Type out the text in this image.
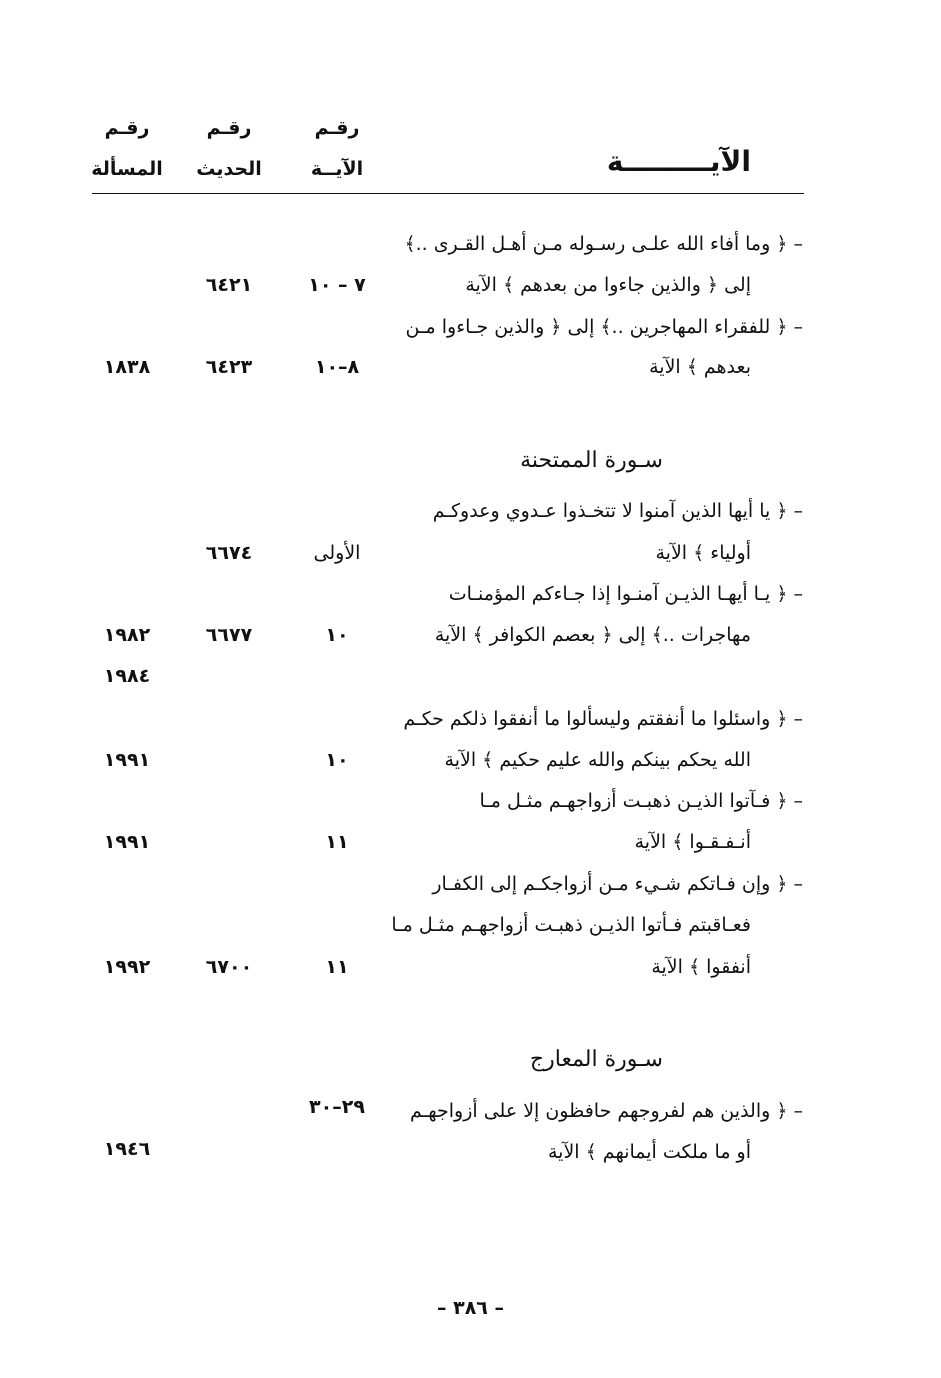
رقـم
رقـم
رقـم
الآيــة
الحديث
المسألة	الآيـــــــــة
– ﴿ وما أفاء الله علـى رسـوله مـن أهـل القـرى ..﴾
إلى ﴿ والذين جاءوا من بعدهم ﴾ الآية
٧ – ١٠
٦٤٢١
– ﴿ للفقراء المهاجرين ..﴾ إلى ﴿ والذين جـاءوا مـن
بعدهم ﴾ الآية
٨–١٠
٦٤٢٣
١٨٣٨
سـورة الممتحنة
– ﴿ يا أيها الذين آمنوا لا تتخـذوا عـدوي وعدوكـم
أولياء ﴾ الآية
الأولى
٦٦٧٤
– ﴿ يـا أيهـا الذيـن آمنـوا إذا جـاءكم المؤمنـات
مهاجرات ..﴾ إلى ﴿ بعصم الكوافر ﴾ الآية
١٠
٦٦٧٧
١٩٨٢
١٩٨٤
– ﴿ واسئلوا ما أنفقتم وليسألوا ما أنفقوا ذلكم حكـم
الله يحكم بينكم والله عليم حكيم ﴾ الآية
١٠
١٩٩١
– ﴿ فـآتوا الذيـن ذهبـت أزواجهـم مثـل مـا
أنـفـقـوا ﴾ الآية
١١
١٩٩١
– ﴿ وإن فـاتكم شـيء مـن أزواجكـم إلى الكفـار
فعـاقبتم فـأتوا الذيـن ذهبـت أزواجهـم مثـل مـا
أنفقوا ﴾ الآية
١١
٦٧٠٠
١٩٩٢
سـورة المعارج
– ﴿ والذين هم لفروجهم حافظون إلا على أزواجهـم
٢٩–٣٠
أو ما ملكت أيمانهم ﴾ الآية
١٩٤٦
– ٣٨٦ –
